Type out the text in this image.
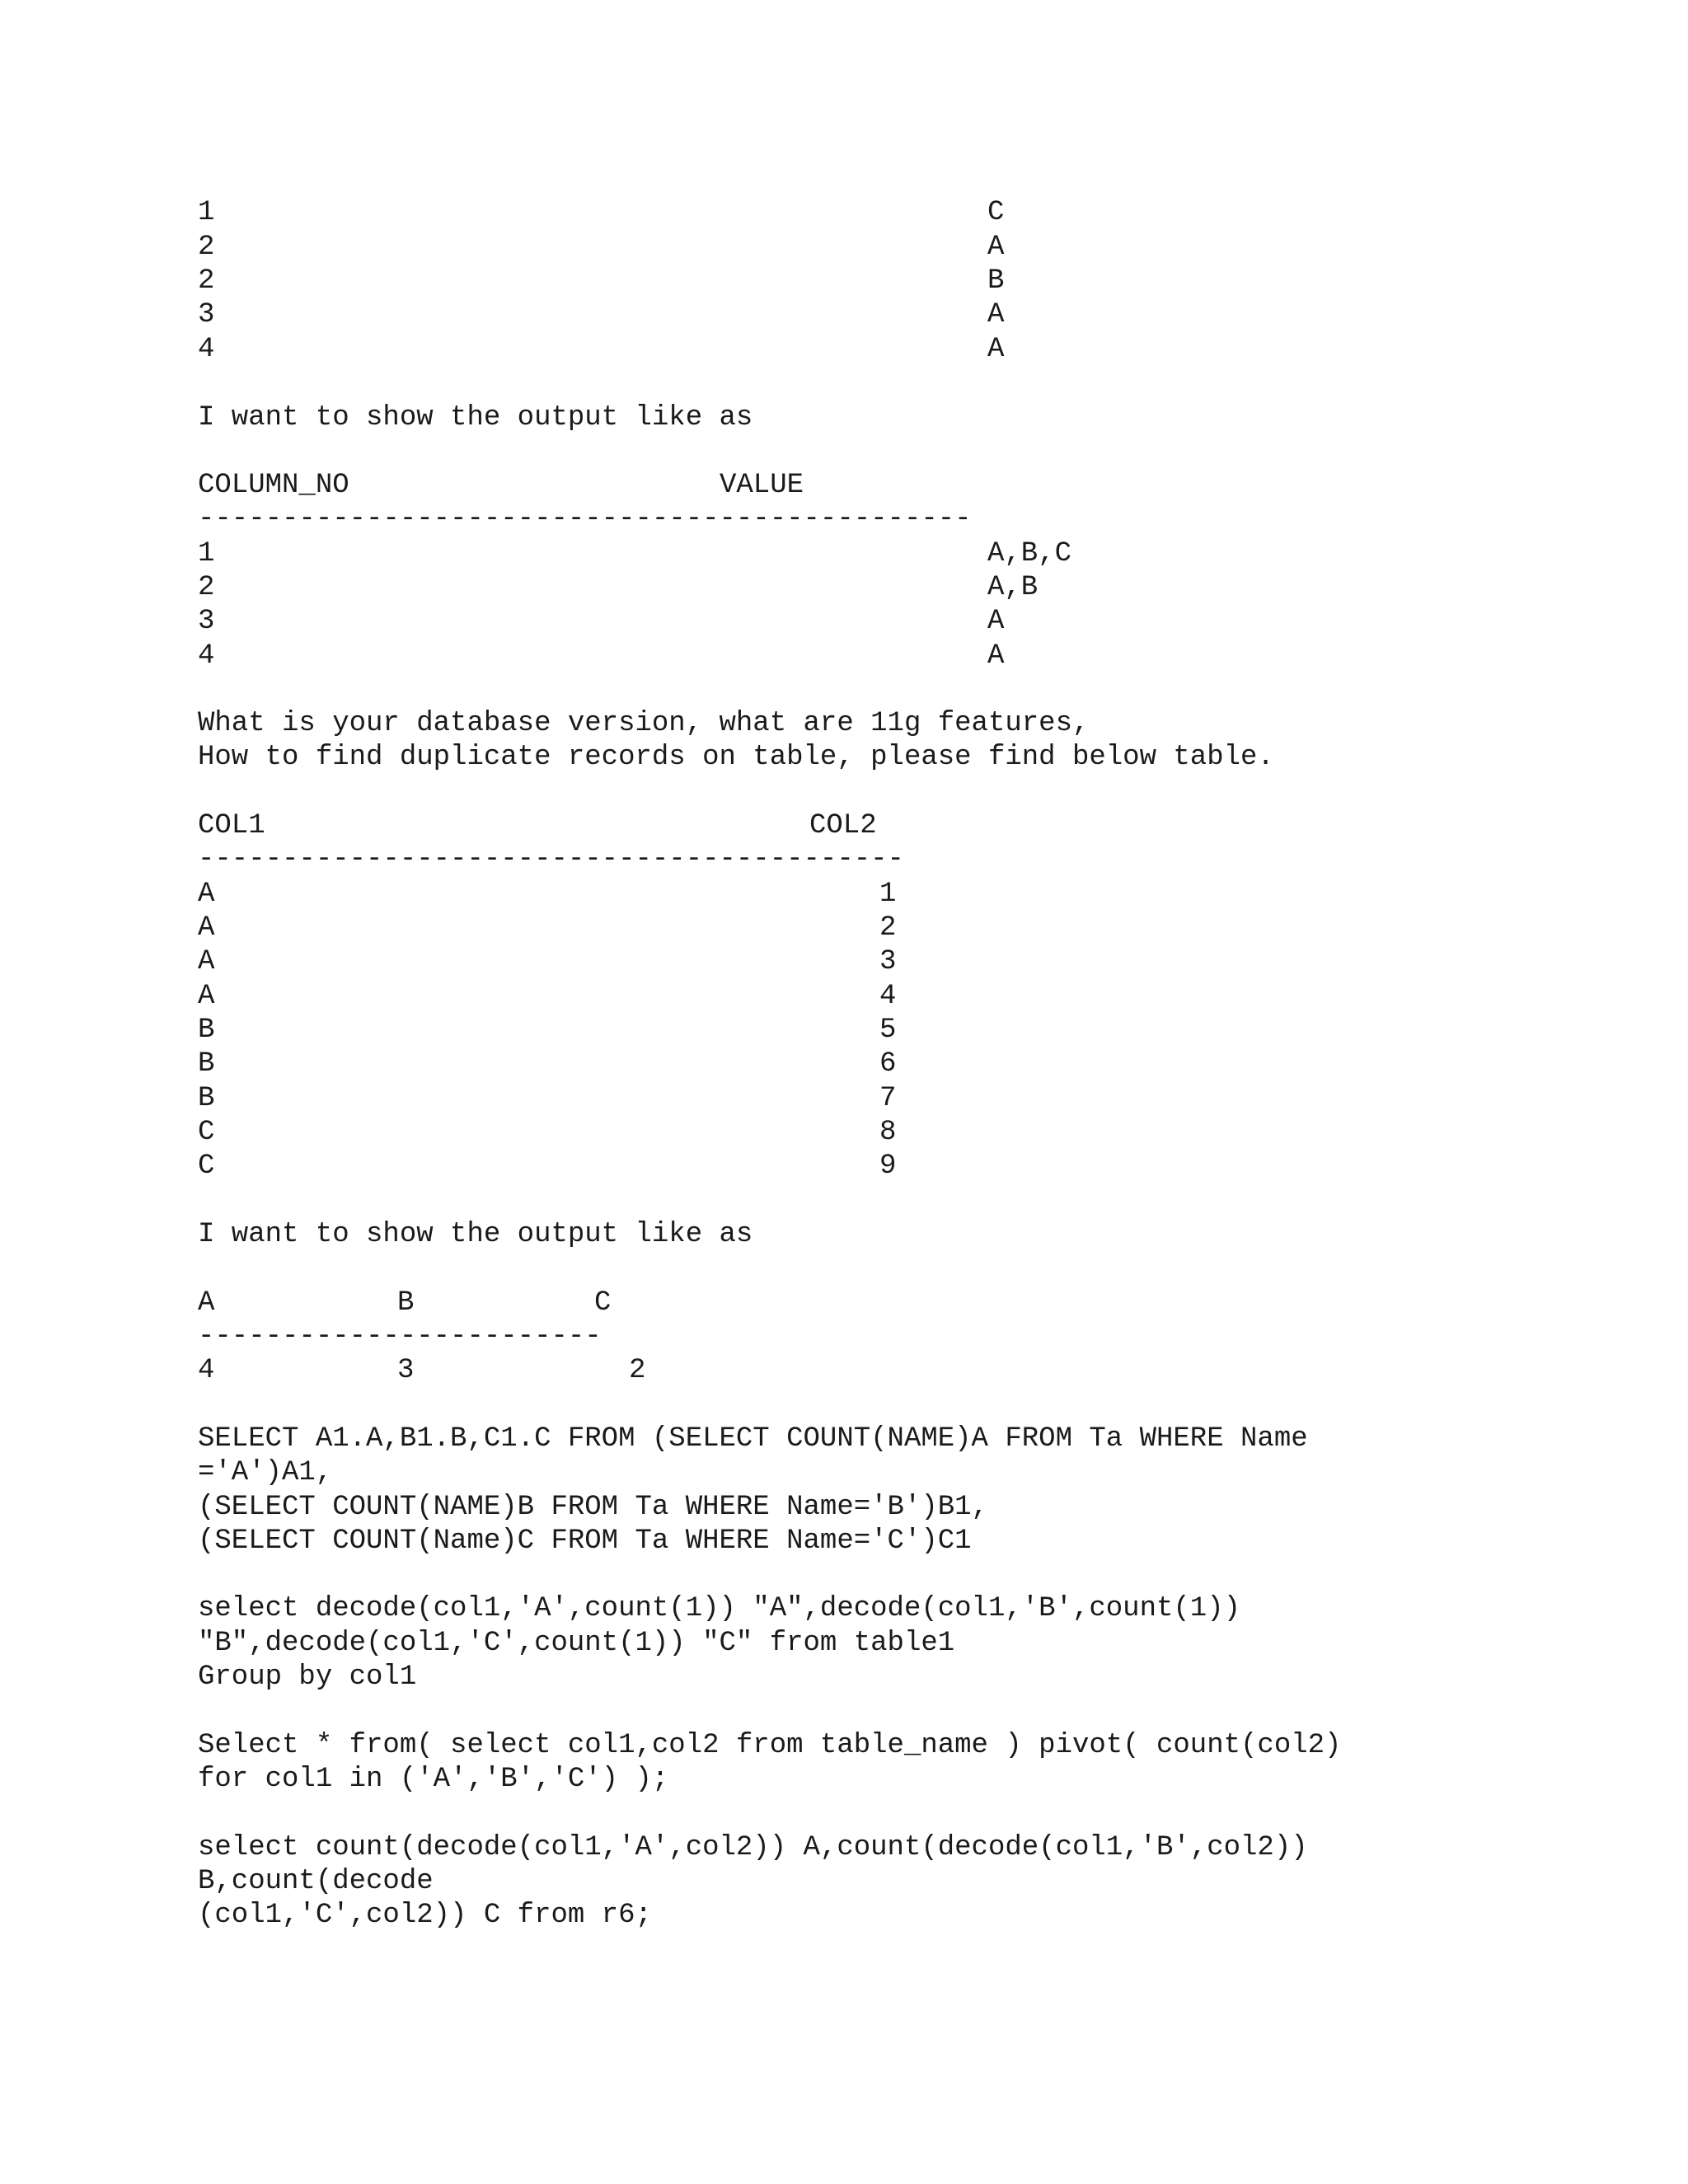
1	C
2	A
2	B
3	A
4	A
I want to show the output like as
COLUMN_NO	VALUE
----------------------------------------------
1	A,B,C
2	A,B
3	A
4	A
What is your database version, what are 11g features,
How to find duplicate records on table, please find below table.
COL1	COL2
------------------------------------------
A	1
A	2
A	3
A	4
B	5
B	6
B	7
C	8
C	9
I want to show the output like as
A	B	C
------------------------
4	3	2
SELECT A1.A,B1.B,C1.C FROM (SELECT COUNT(NAME)A FROM Ta WHERE Name
='A')A1,
(SELECT COUNT(NAME)B FROM Ta WHERE Name='B')B1,
(SELECT COUNT(Name)C FROM Ta WHERE Name='C')C1
select decode(col1,'A',count(1)) "A",decode(col1,'B',count(1))
"B",decode(col1,'C',count(1)) "C" from table1
Group by col1
Select * from( select col1,col2 from table_name ) pivot( count(col2)
for col1 in ('A','B','C') );
select count(decode(col1,'A',col2)) A,count(decode(col1,'B',col2))
B,count(decode
(col1,'C',col2)) C from r6;
